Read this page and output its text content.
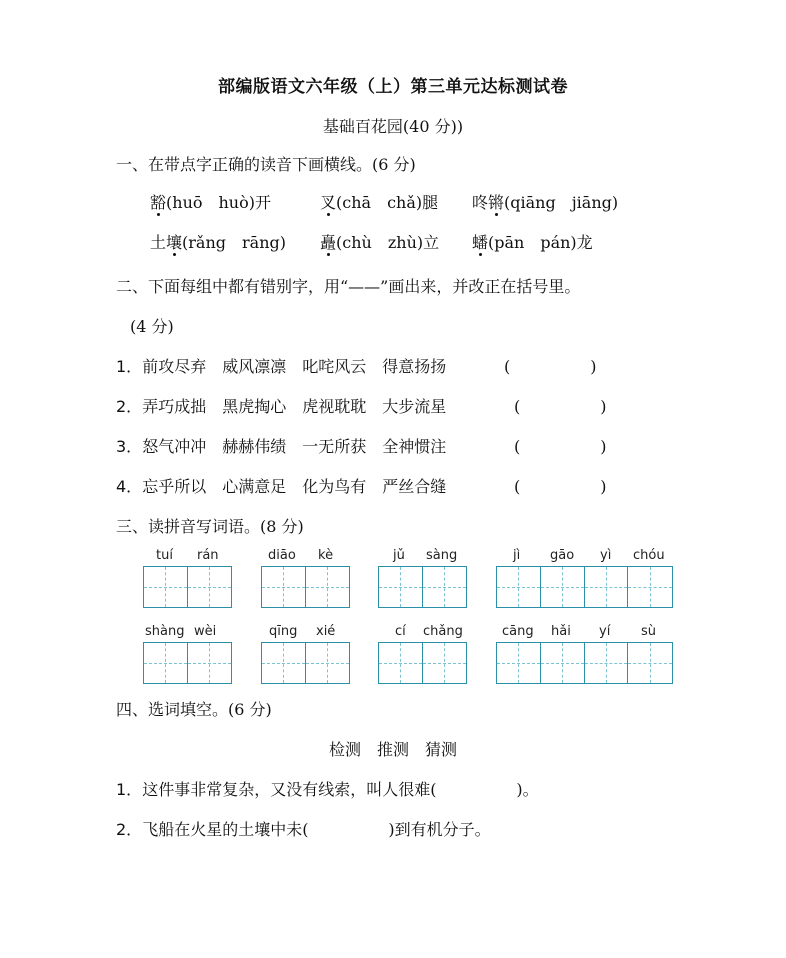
部编版语文六年级（上）第三单元达标测试卷
基础百花园(40 分))
一、在带点字正确的读音下画横线。(6 分)
豁(huō　huò)开	叉(chā　chǎ)腿 咚锵(qiāng　jiāng)
土壤(rǎng　rāng) 矗(chù　zhù)立 蟠(pān　pán)龙
二、下面每组中都有错别字，用“——”画出来，并改正在括号里。
(4 分)
1．前攻尽弃　威风凛凛　叱咤风云　得意扬扬	(　　　　　)
2．弄巧成拙　黑虎掏心　虎视耽耽　大步流星	(　　　　　)
3．怒气冲冲　赫赫伟绩　一无所获　全神惯注	(　　　　　)
4．忘乎所以　心满意足　化为鸟有　严丝合缝	(　　　　　)
三、读拼音写词语。(8 分)
tuí rán	diāo kè	jǔ sàng	jì gāo yì chóu
shàng wèi	qīng xié	cí chǎng	cāng hǎi yí sù
四、选词填空。(6 分)
检测　推测　猜测
1．这件事非常复杂，又没有线索，叫人很难(　　　　　)。
2．飞船在火星的土壤中未(　　　　　)到有机分子。
